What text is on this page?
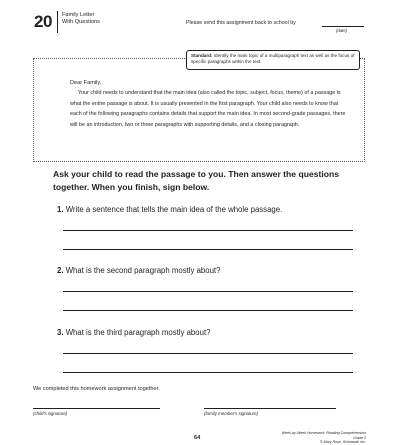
20 Family Letter
With Questions	Please send this assignment back to school by
(date)
Standard: Identify the main topic of a multiparagraph text as well as the focus of specific paragraphs within the text.
Dear Family,
Your child needs to understand that the main idea (also called the topic, subject, focus, theme) of a passage is what the entire passage is about. It is usually presented in the first paragraph. Your child also needs to know that each of the following paragraphs contains details that support the main idea. In most second-grade passages, there will be an introduction, two or three paragraphs with supporting details, and a closing paragraph.
Ask your child to read the passage to you. Then answer the questions together. When you finish, sign below.
1. Write a sentence that tells the main idea of the whole passage.
2. What is the second paragraph mostly about?
3. What is the third paragraph mostly about?
We completed this homework assignment together.
(child's signature)	(family member's signature)
64
Week-by-Week Homework: Reading Comprehension Grade 2
© Mary Rose, Scholastic Inc.
